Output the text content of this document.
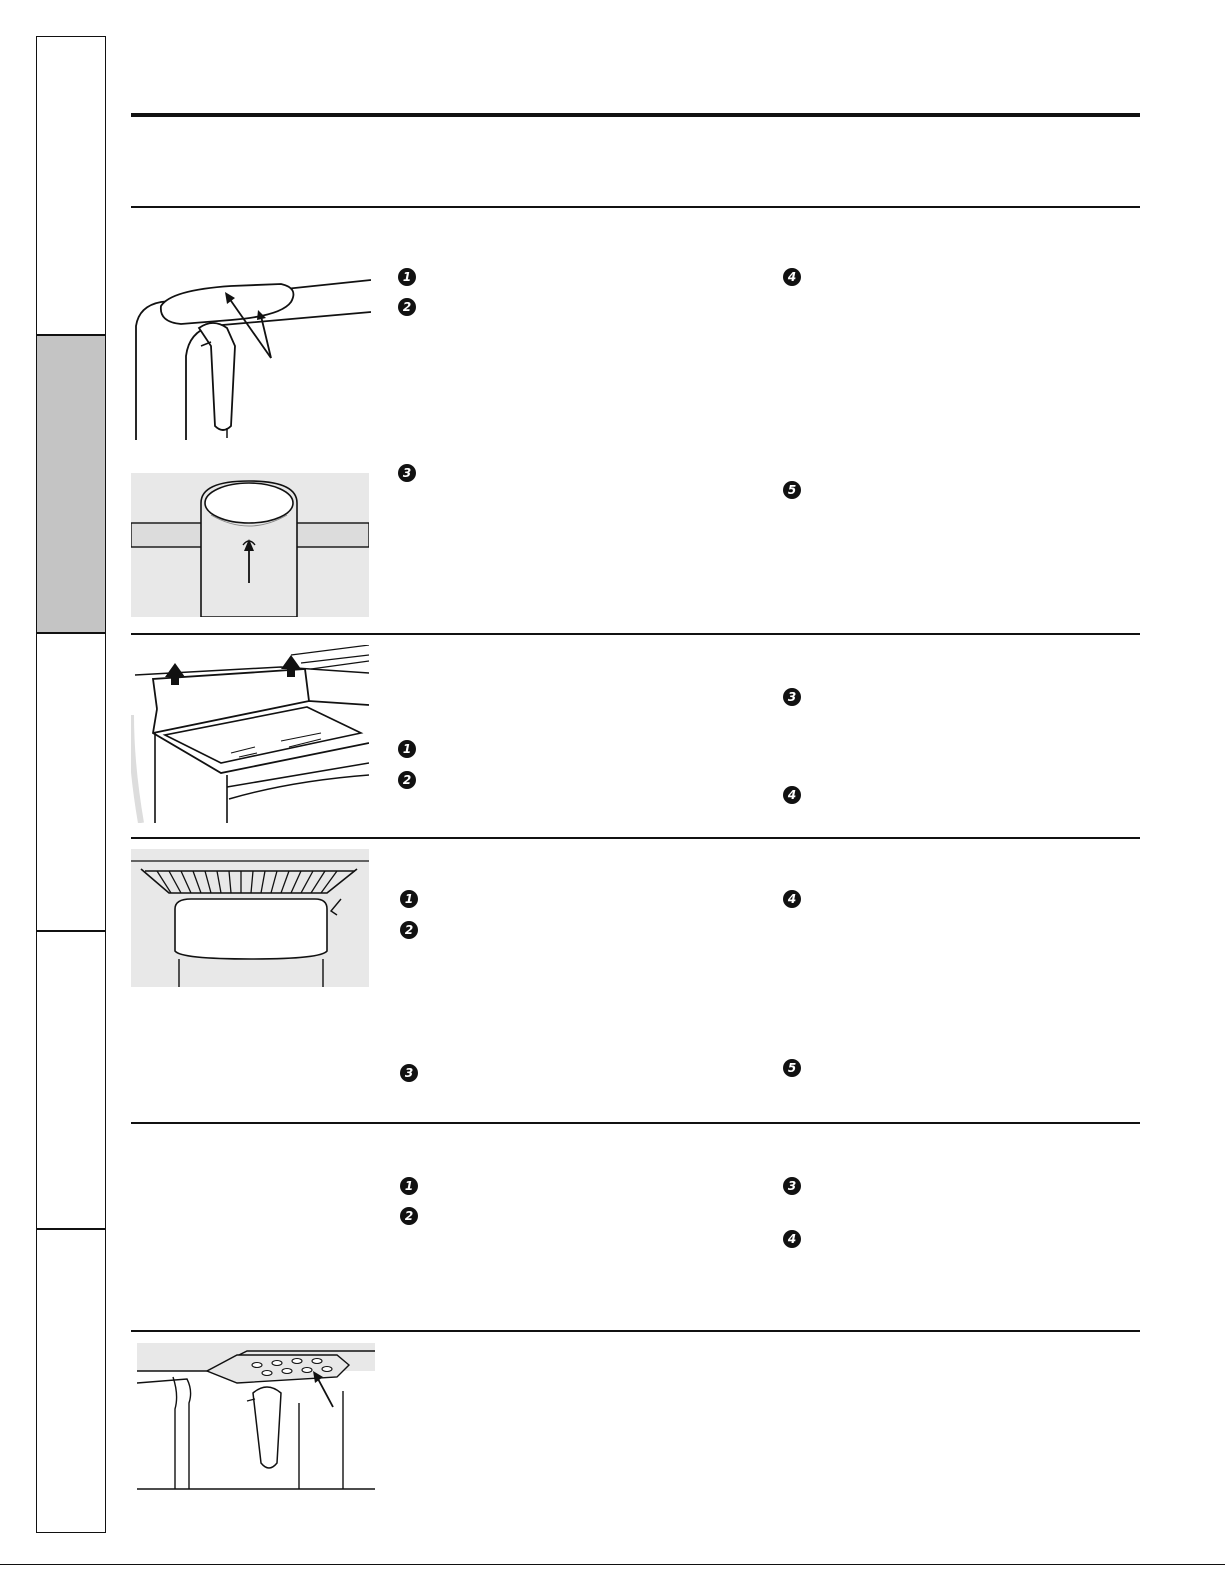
1
2
3
4
5
1
2
3
4
1
2
3
4
5
1
2
3
4
